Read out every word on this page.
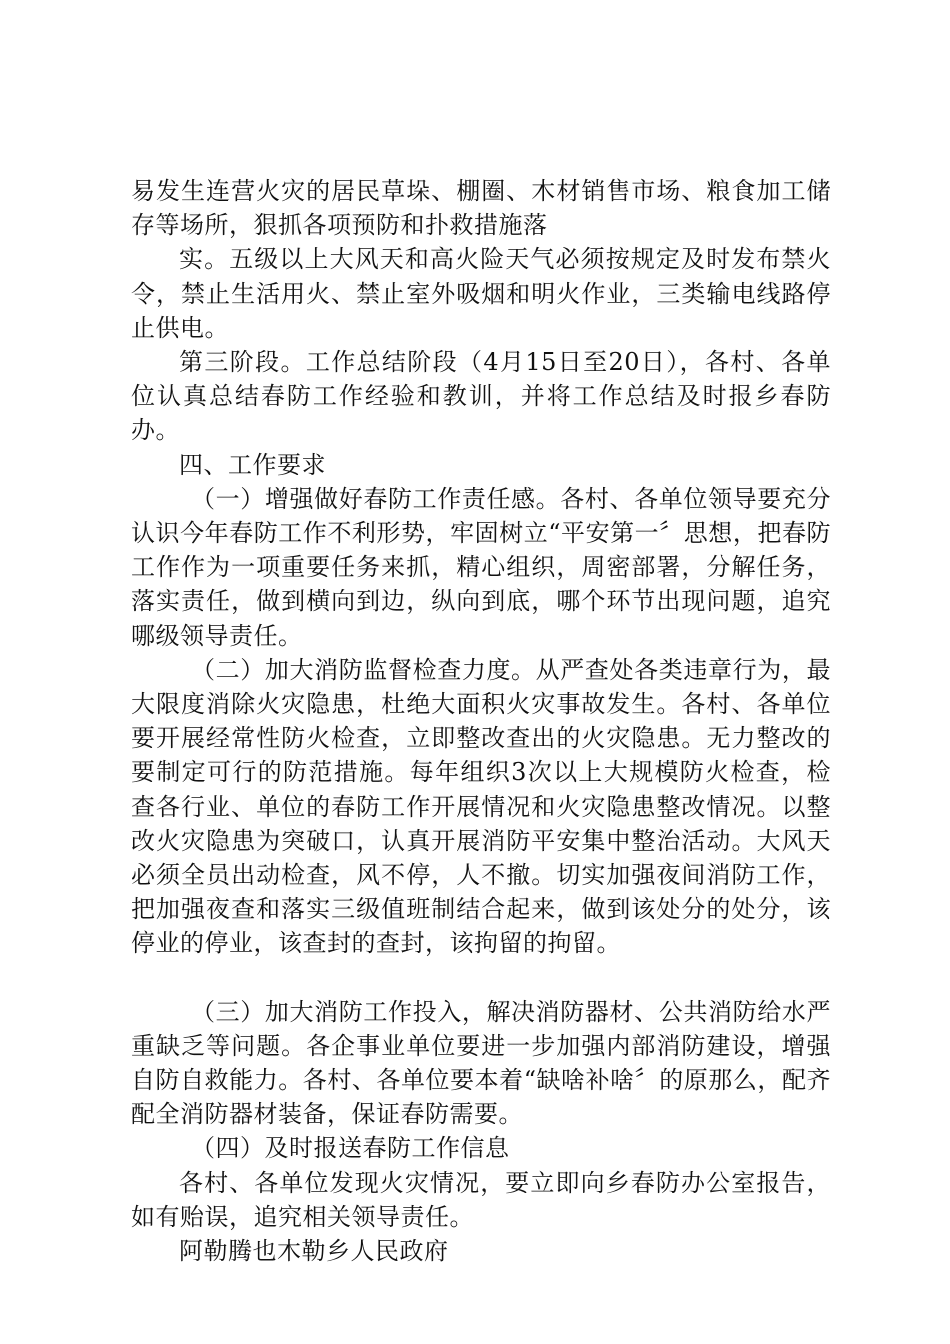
易发生连营火灾的居民草垛、棚圈、木材销售市场、粮食加工储存等场所，狠抓各项预防和扑救措施落

实。五级以上大风天和高火险天气必须按规定及时发布禁火令，禁止生活用火、禁止室外吸烟和明火作业，三类输电线路停止供电。

第三阶段。工作总结阶段（4月15日至20日），各村、各单位认真总结春防工作经验和教训，并将工作总结及时报乡春防办。

四、工作要求

（一）增强做好春防工作责任感。各村、各单位领导要充分认识今年春防工作不利形势，牢固树立“平安第一〞思想，把春防工作作为一项重要任务来抓，精心组织，周密部署，分解任务，落实责任，做到横向到边，纵向到底，哪个环节出现问题，追究哪级领导责任。

（二）加大消防监督检查力度。从严查处各类违章行为，最大限度消除火灾隐患，杜绝大面积火灾事故发生。各村、各单位要开展经常性防火检查，立即整改查出的火灾隐患。无力整改的要制定可行的防范措施。每年组织3次以上大规模防火检查，检查各行业、单位的春防工作开展情况和火灾隐患整改情况。以整改火灾隐患为突破口，认真开展消防平安集中整治活动。大风天必须全员出动检查，风不停，人不撤。切实加强夜间消防工作，把加强夜查和落实三级值班制结合起来，做到该处分的处分，该停业的停业，该查封的查封，该拘留的拘留。

（三）加大消防工作投入，解决消防器材、公共消防给水严重缺乏等问题。各企事业单位要进一步加强内部消防建设，增强自防自救能力。各村、各单位要本着“缺啥补啥〞的原那么，配齐配全消防器材装备，保证春防需要。

（四）及时报送春防工作信息

各村、各单位发现火灾情况，要立即向乡春防办公室报告，如有贻误，追究相关领导责任。

阿勒腾也木勒乡人民政府
